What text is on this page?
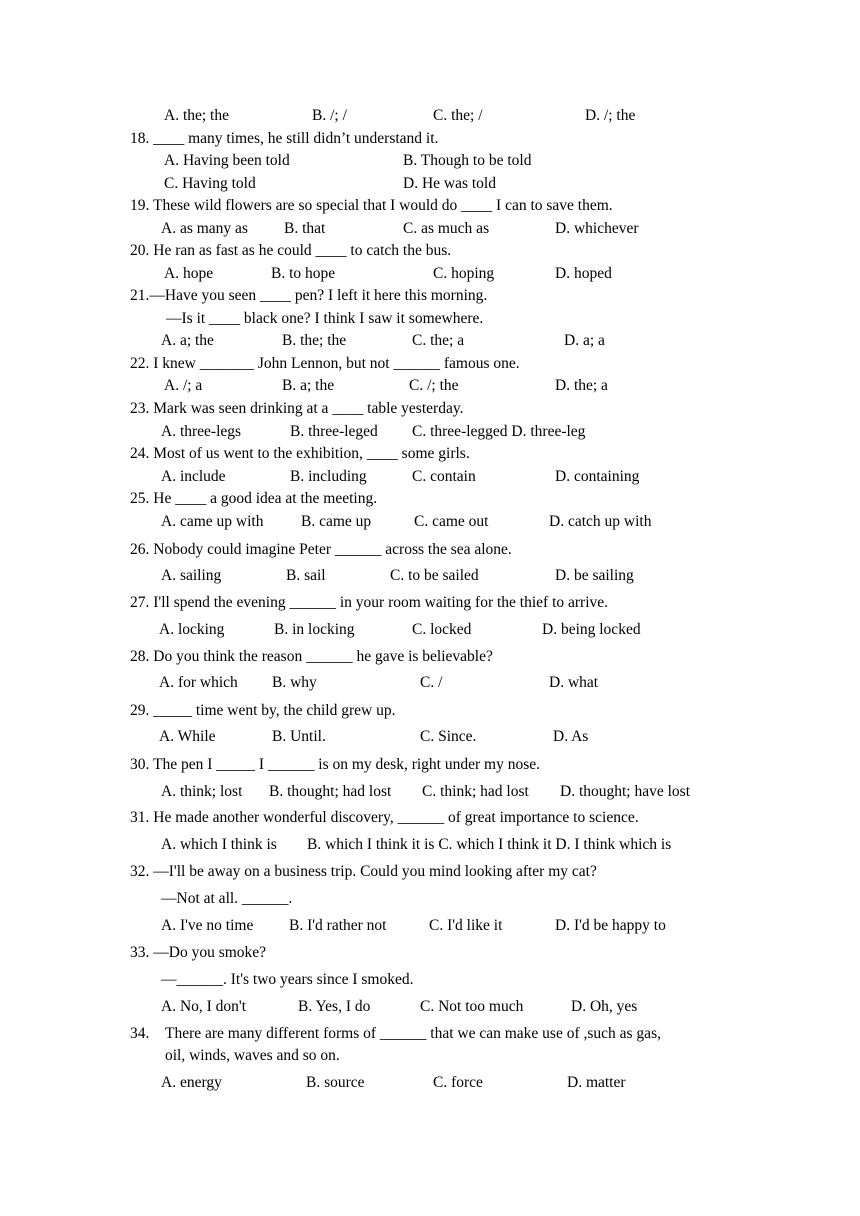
A. the; the	B. /; /	C. the; /	D. /; the
18. ____ many times, he still didn’t understand it.
A. Having been told	B. Though to be told
C. Having told	D. He was told
19. These wild flowers are so special that I would do ____ I can to save them.
A. as many as B. that	C. as much as	D. whichever
20. He ran as fast as he could ____ to catch the bus.
A. hope	B. to hope	C. hoping	D. hoped
21.—Have you seen ____ pen? I left it here this morning.
—Is it ____ black one? I think I saw it somewhere.
A. a; the	B. the; the	C. the; a	D. a; a
22. I knew _______ John Lennon, but not ______ famous one.
A. /; a	B. a; the	C. /; the	D. the; a
23. Mark was seen drinking at a ____ table yesterday.
A. three-legs	B. three-leged C. three-legged D. three-leg
24. Most of us went to the exhibition, ____ some girls.
A. include	B. including	C. contain	D. containing
25. He ____ a good idea at the meeting.
A. came up with B. came up	C. came out	D. catch up with
26. Nobody could imagine Peter ______ across the sea alone.
A. sailing	B. sail	C. to be sailed	D. be sailing
27. I'll spend the evening ______ in your room waiting for the thief to arrive.
A. locking	B. in locking	C. locked	D. being locked
28. Do you think the reason ______ he gave is believable?
A. for which B. why	C. /	D. what
29. _____ time went by, the child grew up.
A. While	B. Until.	C. Since.	D. As
30. The pen I _____ I ______ is on my desk, right under my nose.
A. think; lost B. thought; had lost C. think; had lost D. thought; have lost
31. He made another wonderful discovery, ______ of great importance to science.
A. which I think is B. which I think it is C. which I think it D. I think which is
32. —I'll be away on a business trip. Could you mind looking after my cat?
—Not at all. ______.
A. I've no time B. I'd rather not	C. I'd like it	D. I'd be happy to
33. —Do you smoke?
—______. It's two years since I smoked.
A. No, I don't	B. Yes, I do	C. Not too much	D. Oh, yes
34. There are many different forms of ______ that we can make use of ,such as gas,
oil, winds, waves and so on.
A. energy	B. source	C. force	D. matter
